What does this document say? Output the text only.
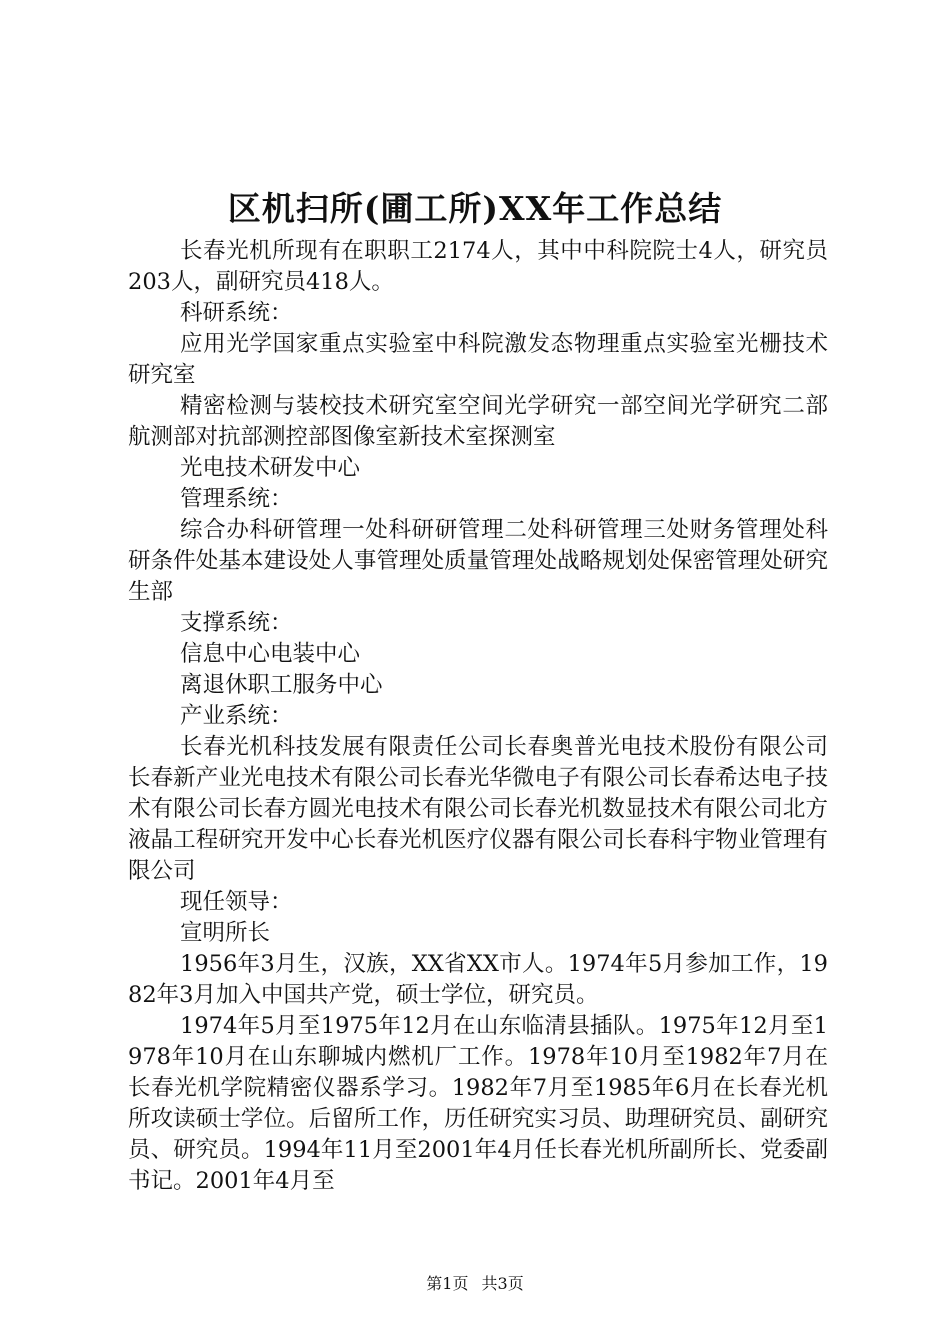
区机扫所(圃工所)XX年工作总结

长春光机所现有在职职工2174人，其中中科院院士4人，研究员203人，副研究员418人。

科研系统：

应用光学国家重点实验室中科院激发态物理重点实验室光栅技术研究室

精密检测与装校技术研究室空间光学研究一部空间光学研究二部航测部对抗部测控部图像室新技术室探测室

光电技术研发中心

管理系统：

综合办科研管理一处科研研管理二处科研管理三处财务管理处科研条件处基本建设处人事管理处质量管理处战略规划处保密管理处研究生部

支撑系统：

信息中心电装中心

离退休职工服务中心

产业系统：

长春光机科技发展有限责任公司长春奥普光电技术股份有限公司长春新产业光电技术有限公司长春光华微电子有限公司长春希达电子技术有限公司长春方圆光电技术有限公司长春光机数显技术有限公司北方液晶工程研究开发中心长春光机医疗仪器有限公司长春科宇物业管理有限公司

现任领导：

宣明所长

1956年3月生，汉族，XX省XX市人。1974年5月参加工作，1982年3月加入中国共产党，硕士学位，研究员。

1974年5月至1975年12月在山东临清县插队。1975年12月至1978年10月在山东聊城内燃机厂工作。1978年10月至1982年7月在长春光机学院精密仪器系学习。1982年7月至1985年6月在长春光机所攻读硕士学位。后留所工作，历任研究实习员、助理研究员、副研究员、研究员。1994年11月至2001年4月任长春光机所副所长、党委副书记。2001年4月至

第1页 共3页
